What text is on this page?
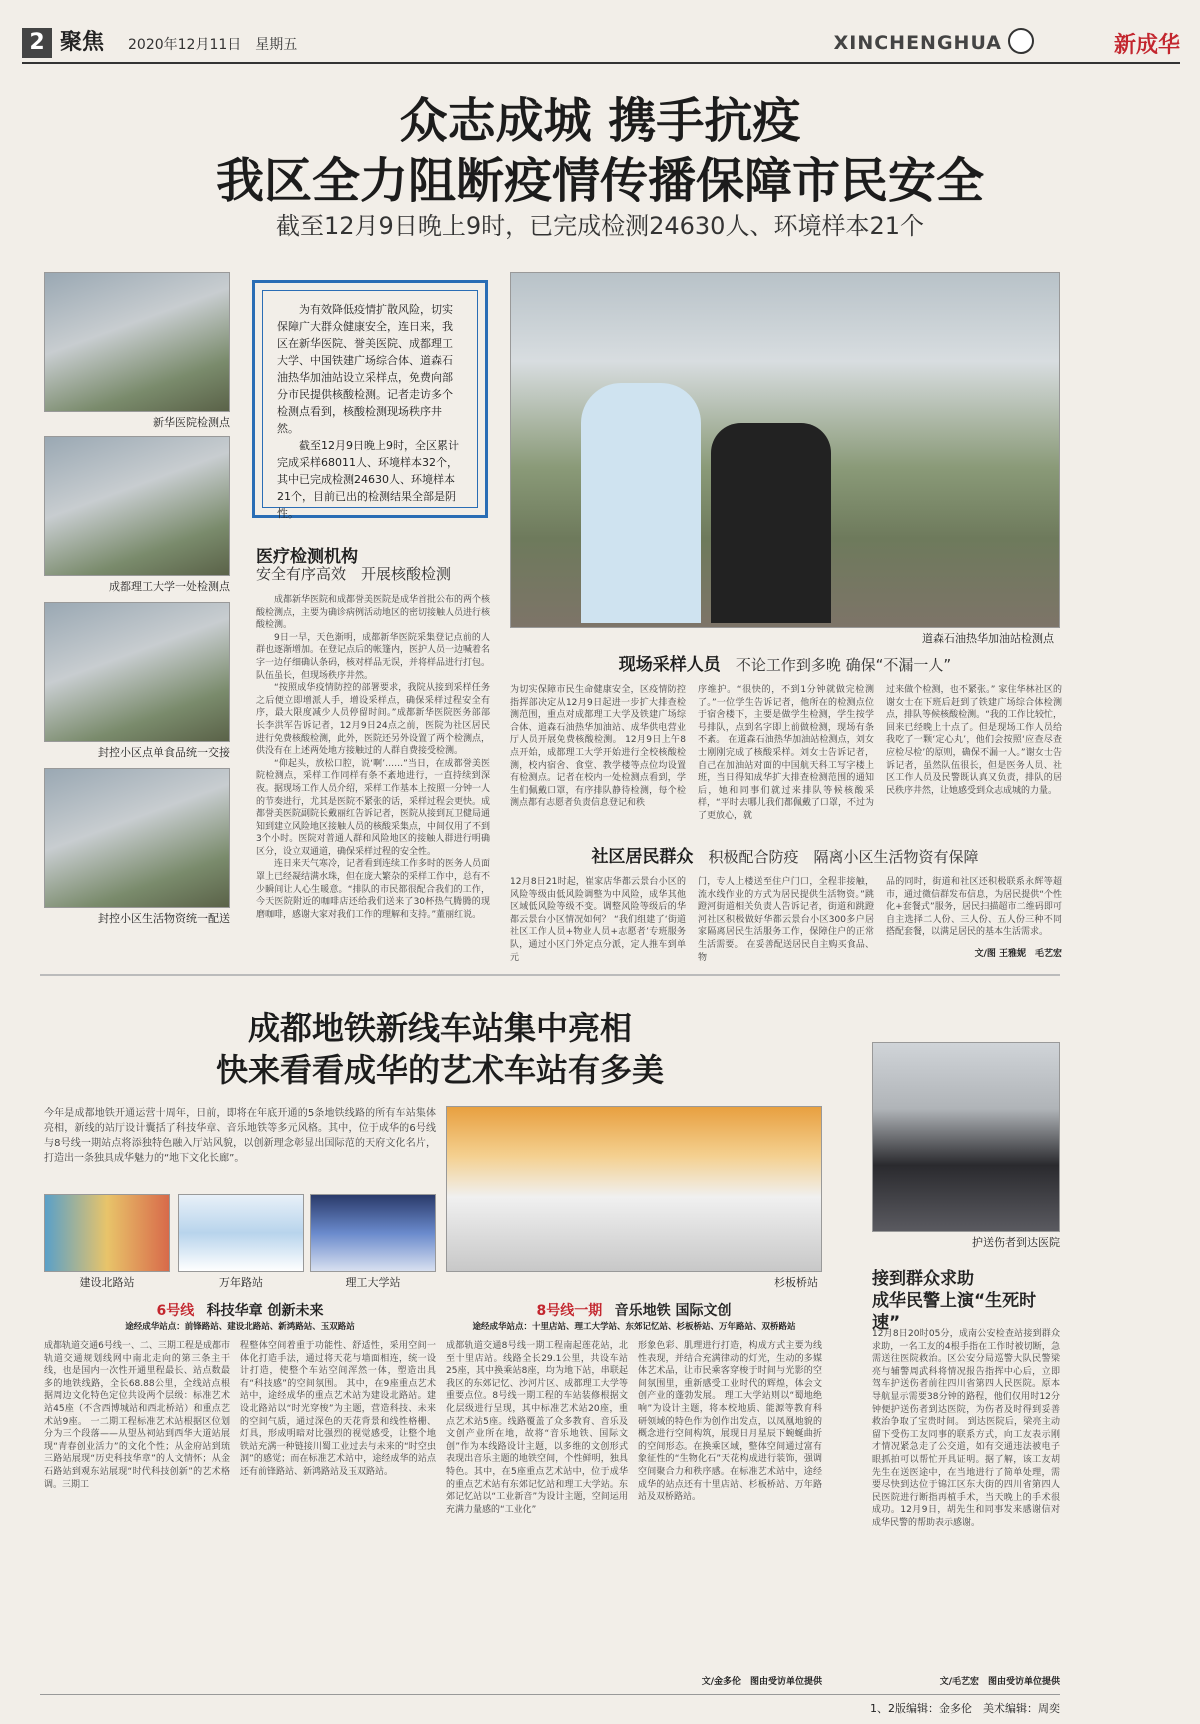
2 聚焦 2020年12月11日　星期五	XINCHENGHUA	新成华
众志成城 携手抗疫
我区全力阻断疫情传播保障市民安全
截至12月9日晚上9时，已完成检测24630人、环境样本21个
新华医院检测点
成都理工大学一处检测点
封控小区点单食品统一交接
封控小区生活物资统一配送

为有效降低疫情扩散风险，切实保障广大群众健康安全，连日来，我区在新华医院、誉美医院、成都理工大学、中国铁建广场综合体、道森石油热华加油站设立采样点，免费向部分市民提供核酸检测。记者走访多个检测点看到，核酸检测现场秩序井然。

截至12月9日晚上9时，全区累计完成采样68011人、环境样本32个，其中已完成检测24630人、环境样本21个，目前已出的检测结果全部是阴性。

医疗检测机构
安全有序高效　开展核酸检测

成都新华医院和成都誉美医院是成华首批公布的两个核酸检测点，主要为确诊病例活动地区的密切接触人员进行核酸检测。

9日一早，天色渐明，成都新华医院采集登记点前的人群也逐渐增加。在登记点后的帐篷内，医护人员一边喊着名字一边仔细确认条码，核对样品无误，并将样品进行打包。队伍虽长，但现场秩序井然。

“按照成华疫情防控的部署要求，我院从接到采样任务之后便立即增派人手，增设采样点，确保采样过程安全有序，最大限度减少人员停留时间。”成都新华医院医务部部长李洪军告诉记者，12月9日24点之前，医院为社区居民进行免费核酸检测，此外，医院还另外设置了两个检测点，供没有在上述两处地方接触过的人群自费接受检测。

“仰起头，放松口腔，说‘啊’……”当日，在成都誉美医院检测点，采样工作同样有条不紊地进行，一直持续到深夜。据现场工作人员介绍，采样工作基本上按照一分钟一人的节奏进行，尤其是医院不紧张的话，采样过程会更快。成都誉美医院副院长戴丽红告诉记者，医院从接到瓦卫健局通知到建立风险地区接触人员的核酸采集点，中间仅用了不到3个小时。医院对普通人群和风险地区的接触人群进行明确区分，设立双通道，确保采样过程的安全性。

连日来天气寒冷，记者看到连续工作多时的医务人员面罩上已经凝结满水珠，但在庞大繁杂的采样工作中，总有不少瞬间让人心生暖意。“排队的市民都很配合我们的工作，今天医院附近的咖啡店还给我们送来了30杯热气腾腾的现磨咖啡，感谢大家对我们工作的理解和支持。”董丽红说。

道森石油热华加油站检测点
现场采样人员 不论工作到多晚 确保“不漏一人”
为切实保障市民生命健康安全，区疫情防控指挥部决定从12月9日起进一步扩大排查检测范围，重点对成都理工大学及铁建广场综合体、道森石油热华加油站、成华供电营业厅人员开展免费核酸检测。 12月9日上午8点开始，成都理工大学开始进行全校核酸检测，校内宿舍、食堂、教学楼等点位均设置有检测点。记者在校内一处检测点看到，学生们佩戴口罩，有序排队静待检测，每个检测点都有志愿者负责信息登记和秩
序维护。“很快的，不到1分钟就做完检测了。”一位学生告诉记者，他所在的检测点位于宿舍楼下，主要是做学生检测，学生按学号排队，点到名字即上前做检测，现场有条不紊。 在道森石油热华加油站检测点，刘女士刚刚完成了核酸采样。刘女士告诉记者，自己在加油站对面的中国航天科工写字楼上班，当日得知成华扩大排查检测范围的通知后，她和同事们就过来排队等候核酸采样，“平时去哪儿我们都佩戴了口罩，不过为了更放心，就
过来做个检测，也不紧张。” 家住华林社区的谢女士在下班后赶到了铁建广场综合体检测点，排队等候核酸检测。“我的工作比较忙，回来已经晚上十点了。但是现场工作人员给我吃了一颗‘定心丸’，他们会按照‘应查尽查 应检尽检’的原则，确保不漏一人。”谢女士告诉记者，虽然队伍很长，但是医务人员、社区工作人员及民警既认真又负责，排队的居民秩序井然，让她感受到众志成城的力量。
社区居民群众 积极配合防疫　隔离小区生活物资有保障
12月8日21时起，崔家店华都云景台小区的风险等级由低风险调整为中风险，成华其他区域低风险等级不变。调整风险等级后的华都云景台小区情况如何？ “我们组建了‘街道社区工作人员+物业人员+志愿者’专班服务队，通过小区门外定点分派，定人推车到单元
门，专人上楼送至住户门口，全程非接触，流水线作业的方式为居民提供生活物资。”跳蹬河街道相关负责人告诉记者，街道和跳蹬河社区积极做好华都云景台小区300多户居家隔离居民生活服务工作，保障住户的正常生活需要。 在妥善配送居民自主购买食品、物
品的同时，街道和社区还积极联系永辉等超市，通过微信群发布信息，为居民提供“个性化+套餐式”服务，居民扫描超市二维码即可自主选择二人份、三人份、五人份三种不同搭配套餐，以满足居民的基本生活需求。
文/图 王雅妮　毛艺宏
成都地铁新线车站集中亮相
快来看看成华的艺术车站有多美
今年是成都地铁开通运营十周年，日前，即将在年底开通的5条地铁线路的所有车站集体亮相，新线的站厅设计囊括了科技华章、音乐地铁等多元风格。其中，位于成华的6号线与8号线一期站点将添独特色融入厅站风貌，以创新理念彰显出国际范的天府文化名片，打造出一条独具成华魅力的“地下文化长廊”。
建设北路站	万年路站	理工大学站	杉板桥站
6号线 科技华章 创新未来
途经成华站点：前锋路站、建设北路站、新鸿路站、玉双路站
8号线一期 音乐地铁 国际文创
途经成华站点：十里店站、理工大学站、东郊记忆站、杉板桥站、万年路站、双桥路站
成都轨道交通6号线一、二、三期工程是成都市轨道交通规划线网中南北走向的第三条主干线，也是国内一次性开通里程最长、站点数最多的地铁线路，全长68.88公里，全线站点根据周边文化特色定位共设两个层级：标准艺术站45座（不含西博城站和西北桥站）和重点艺术站9座。 一二期工程标准艺术站根据区位划分为三个段落——从望丛祠站到西华大道站展现“青春创业活力”的文化个性；从金府站到琉三路站展现“历史科技华章”的人文情怀；从金石路站到观东站展现“时代科技创新”的艺术格调。三期工
程整体空间着重于功能性、舒适性，采用空间一体化打造手法，通过将天花与墙面相连，统一设计打造，使整个车站空间浑然一体，塑造出具有“科技感”的空间氛围。 其中，在9座重点艺术站中，途经成华的重点艺术站为建设北路站。建设北路站以“时光穿梭”为主题，营造科技、未来的空间气质，通过深色的天花背景和线性格栅、灯具，形成明暗对比强烈的视觉感受，让整个地铁站充满一种链接川蜀工业过去与未来的“时空虫洞”的感觉；而在标准艺术站中，途经成华的站点还有前锋路站、新鸿路站及玉双路站。
成都轨道交通8号线一期工程南起莲花站，北至十里店站。线路全长29.1公里，共设车站25座，其中换乘站8座，均为地下站，串联起我区的东郊记忆、沙河片区、成都理工大学等重要点位。8号线一期工程的车站装修根据文化层级进行呈现，其中标准艺术站20座，重点艺术站5座。线路覆盖了众多教育、音乐及文创产业所在地，故将“音乐地铁、国际文创”作为本线路设计主题，以多维的文创形式表现出音乐主题的地铁空间，个性鲜明，独具特色。其中，在5座重点艺术站中，位于成华的重点艺术站有东郊记忆站和理工大学站。东郊记忆站以“工业新音”为设计主题，空间运用充满力量感的“工业化”
形象色彩、肌理进行打造，构成方式主要为线性表现，并结合充满律动的灯光，生动的多媒体艺术品，让市民乘客穿梭于时间与光影的空间氛围里，重新感受工业时代的辉煌，体会文创产业的蓬勃发展。 理工大学站则以“蜀地绝响”为设计主题，将本校地质、能源等教育科研领域的特色作为创作出发点，以凤凰地貌的概念进行空间构筑，展现日月星辰下蜿蜒曲折的空间形态。在换乘区域，整体空间通过富有象征性的“生物化石”天花构成进行装饰，强调空间聚合力和秩序感。在标准艺术站中，途经成华的站点还有十里店站、杉板桥站、万年路站及双桥路站。
文/金多伦　图由受访单位提供
护送伤者到达医院
接到群众求助
成华民警上演“生死时速”
12月8日20时05分，成南公安检查站接到群众求助，一名工友的4根手指在工作时被切断，急需送往医院救治。区公安分局巡警大队民警梁亮与辅警周武科将情况报告指挥中心后，立即驾车护送伤者前往四川省第四人民医院。原本导航显示需要38分钟的路程，他们仅用时12分钟便护送伤者到达医院，为伤者及时得到妥善救治争取了宝贵时间。 到达医院后，梁亮主动留下受伤工友同事的联系方式，向工友表示刚才情况紧急走了公交道，如有交通违法被电子眼抓拍可以帮忙开具证明。据了解，该工友胡先生在送医途中，在当地进行了简单处理，需要尽快到达位于锦江区东大街的四川省第四人民医院进行断指再植手术，当天晚上的手术很成功。12月9日，胡先生和同事发来感谢信对成华民警的帮助表示感谢。
文/毛艺宏　图由受访单位提供
1、2版编辑：金多伦　美术编辑：周奕
